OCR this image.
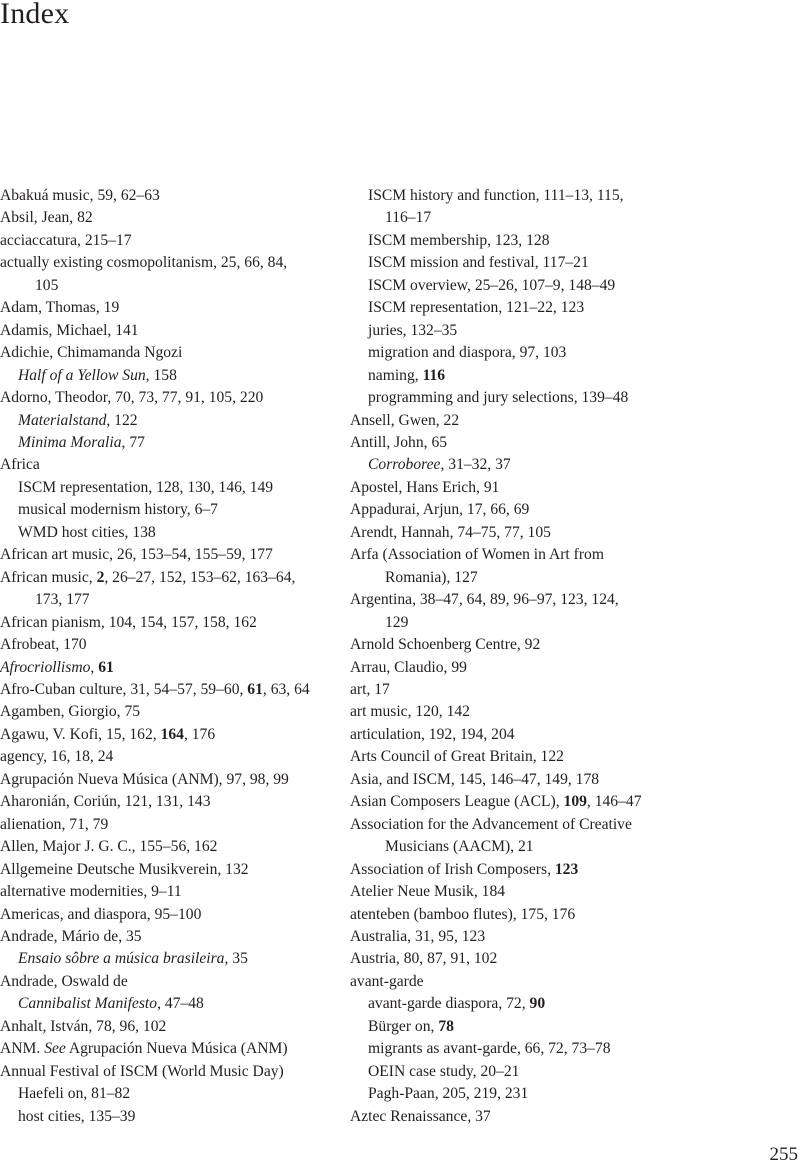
Index
Abakuá music, 59, 62–63
Absil, Jean, 82
acciaccatura, 215–17
actually existing cosmopolitanism, 25, 66, 84,
105
Adam, Thomas, 19
Adamis, Michael, 141
Adichie, Chimamanda Ngozi
Half of a Yellow Sun, 158
Adorno, Theodor, 70, 73, 77, 91, 105, 220
Materialstand, 122
Minima Moralia, 77
Africa
ISCM representation, 128, 130, 146, 149
musical modernism history, 6–7
WMD host cities, 138
African art music, 26, 153–54, 155–59, 177
African music, 2, 26–27, 152, 153–62, 163–64,
173, 177
African pianism, 104, 154, 157, 158, 162
Afrobeat, 170
Afrocriollismo, 61
Afro-Cuban culture, 31, 54–57, 59–60, 61, 63, 64
Agamben, Giorgio, 75
Agawu, V. Kofi, 15, 162, 164, 176
agency, 16, 18, 24
Agrupación Nueva Música (ANM), 97, 98, 99
Aharonián, Coriún, 121, 131, 143
alienation, 71, 79
Allen, Major J. G. C., 155–56, 162
Allgemeine Deutsche Musikverein, 132
alternative modernities, 9–11
Americas, and diaspora, 95–100
Andrade, Mário de, 35
Ensaio sôbre a música brasileira, 35
Andrade, Oswald de
Cannibalist Manifesto, 47–48
Anhalt, István, 78, 96, 102
ANM. See Agrupación Nueva Música (ANM)
Annual Festival of ISCM (World Music Day)
Haefeli on, 81–82
host cities, 135–39
ISCM history and function, 111–13, 115,
116–17
ISCM membership, 123, 128
ISCM mission and festival, 117–21
ISCM overview, 25–26, 107–9, 148–49
ISCM representation, 121–22, 123
juries, 132–35
migration and diaspora, 97, 103
naming, 116
programming and jury selections, 139–48
Ansell, Gwen, 22
Antill, John, 65
Corroboree, 31–32, 37
Apostel, Hans Erich, 91
Appadurai, Arjun, 17, 66, 69
Arendt, Hannah, 74–75, 77, 105
Arfa (Association of Women in Art from
Romania), 127
Argentina, 38–47, 64, 89, 96–97, 123, 124,
129
Arnold Schoenberg Centre, 92
Arrau, Claudio, 99
art, 17
art music, 120, 142
articulation, 192, 194, 204
Arts Council of Great Britain, 122
Asia, and ISCM, 145, 146–47, 149, 178
Asian Composers League (ACL), 109, 146–47
Association for the Advancement of Creative
Musicians (AACM), 21
Association of Irish Composers, 123
Atelier Neue Musik, 184
atenteben (bamboo flutes), 175, 176
Australia, 31, 95, 123
Austria, 80, 87, 91, 102
avant-garde
avant-garde diaspora, 72, 90
Bürger on, 78
migrants as avant-garde, 66, 72, 73–78
OEIN case study, 20–21
Pagh-Paan, 205, 219, 231
Aztec Renaissance, 37
255
